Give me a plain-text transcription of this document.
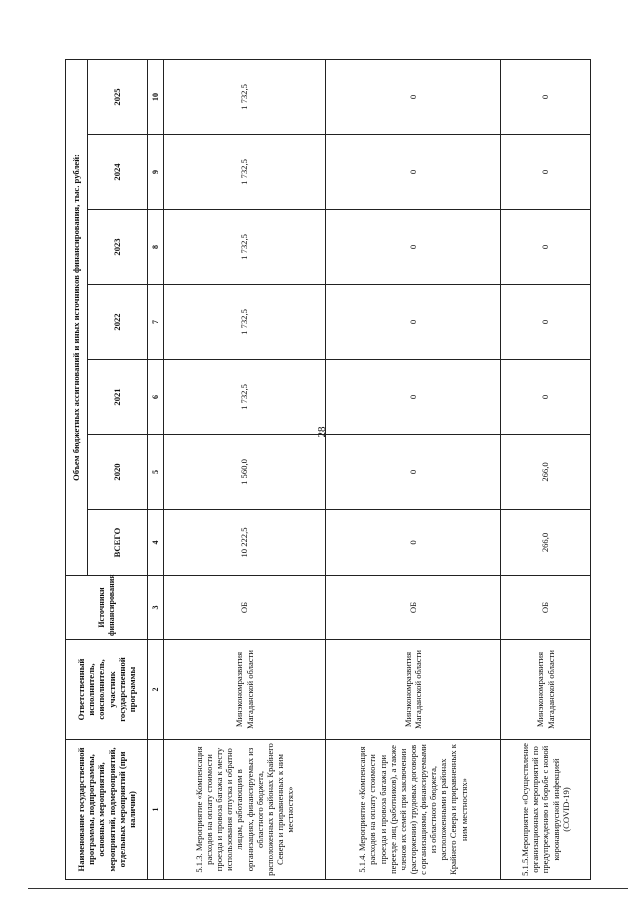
28
Наименование государственной программы, подпрограммы, основных мероприятий, мероприятий, подмероприятий, отдельных мероприятий (при наличии)	Ответственный исполнитель, соисполнитель, участник государственной программы	Источники финансирования	Объем бюджетных ассигнований и иных источников финансирования, тыс. рублей:						
			ВСЕГО	2020	2021	2022	2023	2024	2025
1	2	3	4	5	6	7	8	9	10
5.1.3. Мероприятие «Компенсация расходов на оплату стоимости проезда и провоза багажа к месту использования отпуска и обратно лицам, работающим в организациях, финансируемых из областного бюджета, расположенных в районах Крайнего Севера и приравненных к ним местностях»	Минэкономразвития Магаданской области	ОБ	10 222,5	1 560,0	1 732,5	1 732,5	1 732,5	1 732,5	1 732,5
5.1.4. Мероприятие «Компенсация расходов на оплату стоимости проезда и провоза багажа при переезде лиц (работников), а также членов их семей при заключении (расторжении) трудовых договоров с организациями, финансируемыми из областного бюджета, расположенными в районах Крайнего Севера и приравненных к ним местностях»	Минэкономразвития Магаданской области	ОБ	0	0	0	0	0	0	0
5.1.5.Мероприятие «Осуществление организационных мероприятий по предупреждению и борьбе с новой коронавирусной инфекцией (COVID-19)	Минэкономразвития Магаданской области	ОБ	266,0	266,0	0	0	0	0	0
